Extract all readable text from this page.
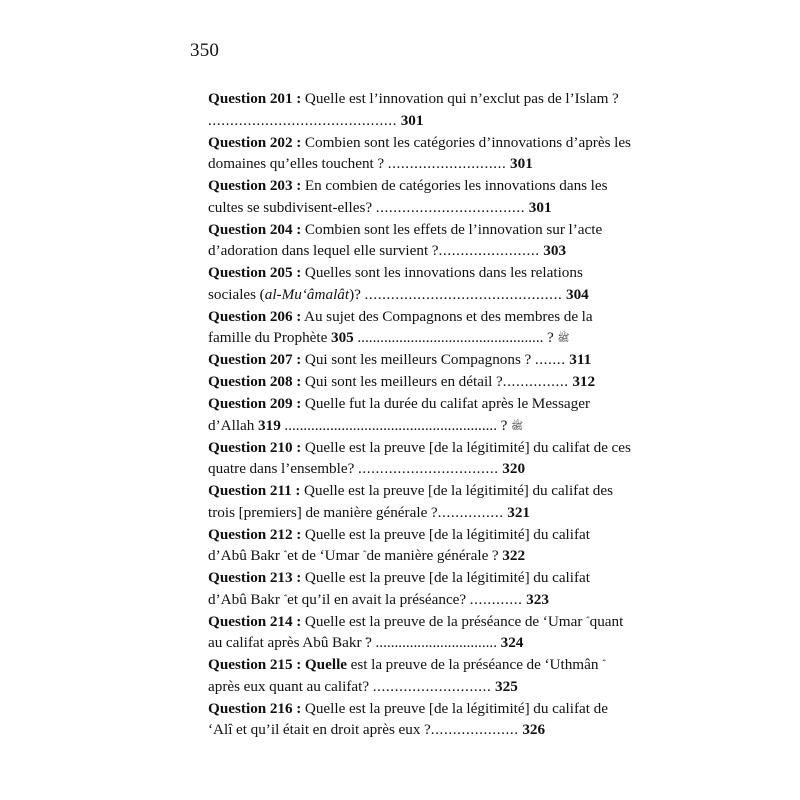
350
Question 201 : Quelle est l’innovation qui n’exclut pas de l’Islam ? ........................................... 301
Question 202 : Combien sont les catégories d’innovations d’après les domaines qu’elles touchent ? ........................... 301
Question 203 : En combien de catégories les innovations dans les cultes se subdivisent-elles? .................................. 301
Question 204 : Combien sont les effets de l’innovation sur l’acte d’adoration dans lequel elle survient ?....................... 303
Question 205 : Quelles sont les innovations dans les relations sociales (al-Mu‘âmalât)? ............................................. 304
Question 206 : Au sujet des Compagnons et des membres de la famille du Prophète	ﷺ ? ................................................. 305
Question 207 : Qui sont les meilleurs Compagnons ? ....... 311
Question 208 : Qui sont les meilleurs en détail ?............... 312
Question 209 : Quelle fut la durée du califat après le Messager d’Allah	ﷺ ? ........................................................ 319
Question 210 : Quelle est la preuve [de la légitimité] du califat de ces quatre dans l’ensemble? ................................ 320
Question 211 : Quelle est la preuve [de la légitimité] du califat des trois [premiers] de manière générale ?............... 321
Question 212 : Quelle est la preuve [de la légitimité] du califat d’Abû Bakr et de ‘Umar de manière générale ? 322
Question 213 : Quelle est la preuve [de la légitimité] du califat d’Abû Bakr et qu’il en avait la préséance? ............ 323
Question 214 : Quelle est la preuve de la préséance de ‘Umar quant au califat après Abû Bakr ? ................................ 324
Question 215 : Quelle est la preuve de la préséance de ‘Uthmân après eux quant au califat? ........................... 325
Question 216 : Quelle est la preuve [de la légitimité] du califat de ‘Alî et qu’il était en droit après eux ?.................... 326
